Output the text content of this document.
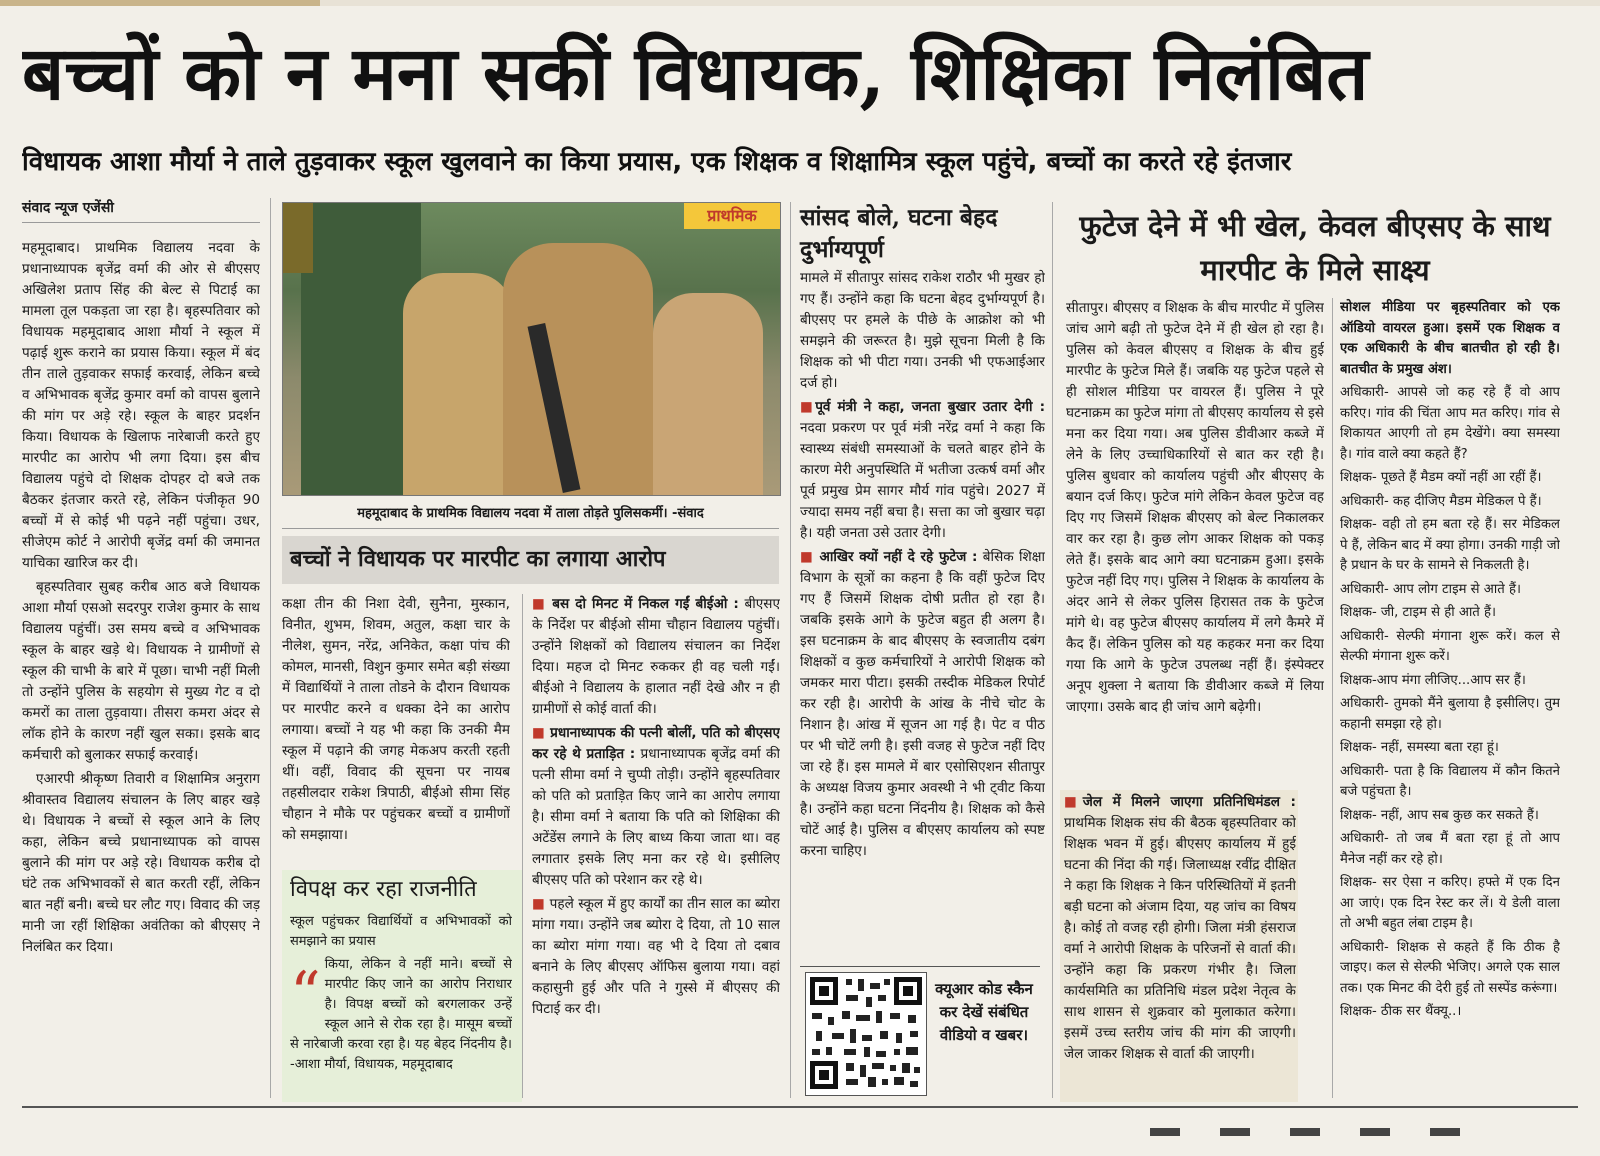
बच्चों को न मना सकीं विधायक, शिक्षिका निलंबित
विधायक आशा मौर्या ने ताले तुड़वाकर स्कूल खुलवाने का किया प्रयास, एक शिक्षक व शिक्षामित्र स्कूल पहुंचे, बच्चों का करते रहे इंतजार
संवाद न्यूज एजेंसी

महमूदाबाद। प्राथमिक विद्यालय नदवा के प्रधानाध्यापक बृजेंद्र वर्मा की ओर से बीएसए अखिलेश प्रताप सिंह की बेल्ट से पिटाई का मामला तूल पकड़ता जा रहा है। बृहस्पतिवार को विधायक महमूदाबाद आशा मौर्या ने स्कूल में पढ़ाई शुरू कराने का प्रयास किया। स्कूल में बंद तीन ताले तुड़वाकर सफाई करवाई, लेकिन बच्चे व अभिभावक बृजेंद्र कुमार वर्मा को वापस बुलाने की मांग पर अड़े रहे। स्कूल के बाहर प्रदर्शन किया। विधायक के खिलाफ नारेबाजी करते हुए मारपीट का आरोप भी लगा दिया। इस बीच विद्यालय पहुंचे दो शिक्षक दोपहर दो बजे तक बैठकर इंतजार करते रहे, लेकिन पंजीकृत 90 बच्चों में से कोई भी पढ़ने नहीं पहुंचा। उधर, सीजेएम कोर्ट ने आरोपी बृजेंद्र वर्मा की जमानत याचिका खारिज कर दी।

बृहस्पतिवार सुबह करीब आठ बजे विधायक आशा मौर्या एसओ सदरपुर राजेश कुमार के साथ विद्यालय पहुंचीं। उस समय बच्चे व अभिभावक स्कूल के बाहर खड़े थे। विधायक ने ग्रामीणों से स्कूल की चाभी के बारे में पूछा। चाभी नहीं मिली तो उन्होंने पुलिस के सहयोग से मुख्य गेट व दो कमरों का ताला तुड़वाया। तीसरा कमरा अंदर से लॉक होने के कारण नहीं खुल सका। इसके बाद कर्मचारी को बुलाकर सफाई करवाई।

एआरपी श्रीकृष्ण तिवारी व शिक्षामित्र अनुराग श्रीवास्तव विद्यालय संचालन के लिए बाहर खड़े थे। विधायक ने बच्चों से स्कूल आने के लिए कहा, लेकिन बच्चे प्रधानाध्यापक को वापस बुलाने की मांग पर अड़े रहे। विधायक करीब दो घंटे तक अभिभावकों से बात करती रहीं, लेकिन बात नहीं बनी। बच्चे घर लौट गए। विवाद की जड़ मानी जा रहीं शिक्षिका अवंतिका को बीएसए ने निलंबित कर दिया।

प्राथमिक
महमूदाबाद के प्राथमिक विद्यालय नदवा में ताला तोड़ते पुलिसकर्मी। -संवाद
बच्चों ने विधायक पर मारपीट का लगाया आरोप

कक्षा तीन की निशा देवी, सुनैना, मुस्कान, विनीत, शुभम, शिवम, अतुल, कक्षा चार के नीलेश, सुमन, नरेंद्र, अनिकेत, कक्षा पांच की कोमल, मानसी, विशुन कुमार समेत बड़ी संख्या में विद्यार्थियों ने ताला तोडने के दौरान विधायक पर मारपीट करने व धक्का देने का आरोप लगाया। बच्चों ने यह भी कहा कि उनकी मैम स्कूल में पढ़ाने की जगह मेकअप करती रहती थीं। वहीं, विवाद की सूचना पर नायब तहसीलदार राकेश त्रिपाठी, बीईओ सीमा सिंह चौहान ने मौके पर पहुंचकर बच्चों व ग्रामीणों को समझाया।

विपक्ष कर रहा राजनीति

स्कूल पहुंचकर विद्यार्थियों व अभिभावकों को समझाने का प्रयास

“ किया, लेकिन वे नहीं माने। बच्चों से मारपीट किए जाने का आरोप निराधार है। विपक्ष बच्चों को बरगलाकर उन्हें स्कूल आने से रोक रहा है। मासूम बच्चों से नारेबाजी करवा रहा है। यह बेहद निंदनीय है। -आशा मौर्या, विधायक, महमूदाबाद

■ बस दो मिनट में निकल गईं बीईओ : बीएसए के निर्देश पर बीईओ सीमा चौहान विद्यालय पहुंचीं। उन्होंने शिक्षकों को विद्यालय संचालन का निर्देश दिया। महज दो मिनट रुककर ही वह चली गईं। बीईओ ने विद्यालय के हालात नहीं देखे और न ही ग्रामीणों से कोई वार्ता की।

■ प्रधानाध्यापक की पत्नी बोलीं, पति को बीएसए कर रहे थे प्रताड़ित : प्रधानाध्यापक बृजेंद्र वर्मा की पत्नी सीमा वर्मा ने चुप्पी तोड़ी। उन्होंने बृहस्पतिवार को पति को प्रताड़ित किए जाने का आरोप लगाया है। सीमा वर्मा ने बताया कि पति को शिक्षिका की अटेंडेंस लगाने के लिए बाध्य किया जाता था। वह लगातार इसके लिए मना कर रहे थे। इसीलिए बीएसए पति को परेशान कर रहे थे।

■ पहले स्कूल में हुए कार्यों का तीन साल का ब्योरा मांगा गया। उन्होंने जब ब्योरा दे दिया, तो 10 साल का ब्योरा मांगा गया। वह भी दे दिया तो दबाव बनाने के लिए बीएसए ऑफिस बुलाया गया। वहां कहासुनी हुई और पति ने गुस्से में बीएसए की पिटाई कर दी।

सांसद बोले, घटना बेहद दुर्भाग्यपूर्ण

मामले में सीतापुर सांसद राकेश राठौर भी मुखर हो गए हैं। उन्होंने कहा कि घटना बेहद दुर्भाग्यपूर्ण है। बीएसए पर हमले के पीछे के आक्रोश को भी समझने की जरूरत है। मुझे सूचना मिली है कि शिक्षक को भी पीटा गया। उनकी भी एफआईआर दर्ज हो।

■पूर्व मंत्री ने कहा, जनता बुखार उतार देगी : नदवा प्रकरण पर पूर्व मंत्री नरेंद्र वर्मा ने कहा कि स्वास्थ्य संबंधी समस्याओं के चलते बाहर होने के कारण मेरी अनुपस्थिति में भतीजा उत्कर्ष वर्मा और पूर्व प्रमुख प्रेम सागर मौर्य गांव पहुंचे। 2027 में ज्यादा समय नहीं बचा है। सत्ता का जो बुखार चढ़ा है। यही जनता उसे उतार देगी।

■ आखिर क्यों नहीं दे रहे फुटेज : बेसिक शिक्षा विभाग के सूत्रों का कहना है कि वहीं फुटेज दिए गए हैं जिसमें शिक्षक दोषी प्रतीत हो रहा है। जबकि इसके आगे के फुटेज बहुत ही अलग है। इस घटनाक्रम के बाद बीएसए के स्वजातीय दबंग शिक्षकों व कुछ कर्मचारियों ने आरोपी शिक्षक को जमकर मारा पीटा। इसकी तस्दीक मेडिकल रिपोर्ट कर रही है। आरोपी के आंख के नीचे चोट के निशान है। आंख में सूजन आ गई है। पेट व पीठ पर भी चोटें लगी है। इसी वजह से फुटेज नहीं दिए जा रहे हैं। इस मामले में बार एसोसिएशन सीतापुर के अध्यक्ष विजय कुमार अवस्थी ने भी ट्वीट किया है। उन्होंने कहा घटना निंदनीय है। शिक्षक को कैसे चोटें आई है। पुलिस व बीएसए कार्यालय को स्पष्ट करना चाहिए।

क्यूआर कोड स्कैन कर देखें संबंधित वीडियो व खबर।
फुटेज देने में भी खेल, केवल बीएसए के साथ मारपीट के मिले साक्ष्य

सीतापुर। बीएसए व शिक्षक के बीच मारपीट में पुलिस जांच आगे बढ़ी तो फुटेज देने में ही खेल हो रहा है। पुलिस को केवल बीएसए व शिक्षक के बीच हुई मारपीट के फुटेज मिले हैं। जबकि यह फुटेज पहले से ही सोशल मीडिया पर वायरल हैं। पुलिस ने पूरे घटनाक्रम का फुटेज मांगा तो बीएसए कार्यालय से इसे मना कर दिया गया। अब पुलिस डीवीआर कब्जे में लेने के लिए उच्चाधिकारियों से बात कर रही है। पुलिस बुधवार को कार्यालय पहुंची और बीएसए के बयान दर्ज किए। फुटेज मांगे लेकिन केवल फुटेज वह दिए गए जिसमें शिक्षक बीएसए को बेल्ट निकालकर वार कर रहा है। कुछ लोग आकर शिक्षक को पकड़ लेते हैं। इसके बाद आगे क्या घटनाक्रम हुआ। इसके फुटेज नहीं दिए गए। पुलिस ने शिक्षक के कार्यालय के अंदर आने से लेकर पुलिस हिरासत तक के फुटेज मांगे थे। वह फुटेज बीएसए कार्यालय में लगे कैमरे में कैद हैं। लेकिन पुलिस को यह कहकर मना कर दिया गया कि आगे के फुटेज उपलब्ध नहीं हैं। इंस्पेक्टर अनूप शुक्ला ने बताया कि डीवीआर कब्जे में लिया जाएगा। उसके बाद ही जांच आगे बढ़ेगी।

■जेल में मिलने जाएगा प्रतिनिधिमंडल : प्राथमिक शिक्षक संघ की बैठक बृहस्पतिवार को शिक्षक भवन में हुई। बीएसए कार्यालय में हुई घटना की निंदा की गई। जिलाध्यक्ष रवींद्र दीक्षित ने कहा कि शिक्षक ने किन परिस्थितियों में इतनी बड़ी घटना को अंजाम दिया, यह जांच का विषय है। कोई तो वजह रही होगी। जिला मंत्री हंसराज वर्मा ने आरोपी शिक्षक के परिजनों से वार्ता की। उन्होंने कहा कि प्रकरण गंभीर है। जिला कार्यसमिति का प्रतिनिधि मंडल प्रदेश नेतृत्व के साथ शासन से शुक्रवार को मुलाकात करेगा। इसमें उच्च स्तरीय जांच की मांग की जाएगी। जेल जाकर शिक्षक से वार्ता की जाएगी।

सोशल मीडिया पर बृहस्पतिवार को एक ऑडियो वायरल हुआ। इसमें एक शिक्षक व एक अधिकारी के बीच बातचीत हो रही है। बातचीत के प्रमुख अंश।

अधिकारी- आपसे जो कह रहे हैं वो आप करिए। गांव की चिंता आप मत करिए। गांव से शिकायत आएगी तो हम देखेंगे। क्या समस्या है। गांव वाले क्या कहते हैं?

शिक्षक- पूछते हैं मैडम क्यों नहीं आ रहीं हैं।

अधिकारी- कह दीजिए मैडम मेडिकल पे हैं।

शिक्षक- वही तो हम बता रहे हैं। सर मेडिकल पे हैं, लेकिन बाद में क्या होगा। उनकी गाड़ी जो है प्रधान के घर के सामने से निकलती है।

अधिकारी- आप लोग टाइम से आते हैं।

शिक्षक- जी, टाइम से ही आते हैं।

अधिकारी- सेल्फी मंगाना शुरू करें। कल से सेल्फी मंगाना शुरू करें।

शिक्षक-आप मंगा लीजिए...आप सर हैं।

अधिकारी- तुमको मैंने बुलाया है इसीलिए। तुम कहानी समझा रहे हो।

शिक्षक- नहीं, समस्या बता रहा हूं।

अधिकारी- पता है कि विद्यालय में कौन कितने बजे पहुंचता है।

शिक्षक- नहीं, आप सब कुछ कर सकते हैं।

अधिकारी- तो जब मैं बता रहा हूं तो आप मैनेज नहीं कर रहे हो।

शिक्षक- सर ऐसा न करिए। हफ्ते में एक दिन आ जाएं। एक दिन रेस्ट कर लें। ये डेली वाला तो अभी बहुत लंबा टाइम है।

अधिकारी- शिक्षक से कहते हैं कि ठीक है जाइए। कल से सेल्फी भेजिए। अगले एक साल तक। एक मिनट की देरी हुई तो सस्पेंड करूंगा।

शिक्षक- ठीक सर थैंक्यू..।
